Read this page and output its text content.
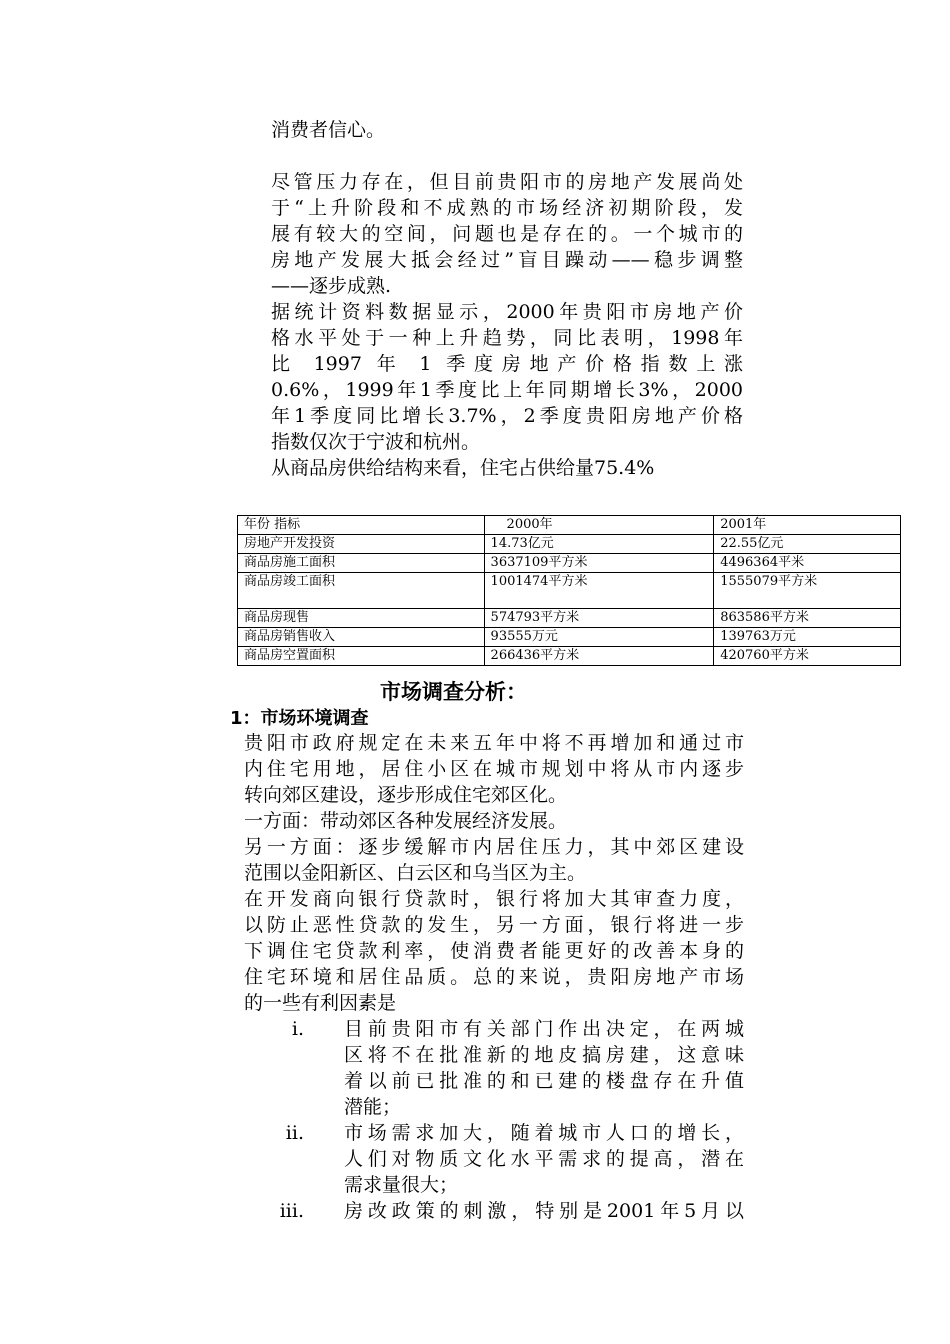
消费者信心。
尽管压力存在，但目前贵阳市的房地产发展尚处
于“上升阶段和不成熟的市场经济初期阶段，发
展有较大的空间，问题也是存在的。一个城市的
房地产发展大抵会经过”盲目躁动——稳步调整
——逐步成熟.
据统计资料数据显示，2000年贵阳市房地产价
格水平处于一种上升趋势，同比表明，1998年
比 1997 年 1 季度房地产价格指数上涨
0.6%，1999年1季度比上年同期增长3%，2000
年1季度同比增长3.7%，2季度贵阳房地产价格
指数仅次于宁波和杭州。
从商品房供给结构来看，住宅占供给量75.4%
年份 指标	2000年	2001年
房地产开发投资	14.73亿元	22.55亿元
商品房施工面积	3637109平方米	4496364平米
商品房竣工面积	1001474平方米	1555079平方米
商品房现售	574793平方米	863586平方米
商品房销售收入	93555万元	139763万元
商品房空置面积	266436平方米	420760平方米
市场调查分析：
1：市场环境调查
贵阳市政府规定在未来五年中将不再增加和通过市
内住宅用地，居住小区在城市规划中将从市内逐步
转向郊区建设，逐步形成住宅郊区化。
一方面：带动郊区各种发展经济发展。
另一方面：逐步缓解市内居住压力，其中郊区建设
范围以金阳新区、白云区和乌当区为主。
在开发商向银行贷款时，银行将加大其审查力度，
以防止恶性贷款的发生，另一方面，银行将进一步
下调住宅贷款利率，使消费者能更好的改善本身的
住宅环境和居住品质。总的来说，贵阳房地产市场
的一些有利因素是
i. 目前贵阳市有关部门作出决定，在两城
区将不在批准新的地皮搞房建，这意味
着以前已批准的和已建的楼盘存在升值
潜能；
ii. 市场需求加大，随着城市人口的增长，
人们对物质文化水平需求的提高，潜在
需求量很大；
iii. 房改政策的刺激，特别是2001年5月以
